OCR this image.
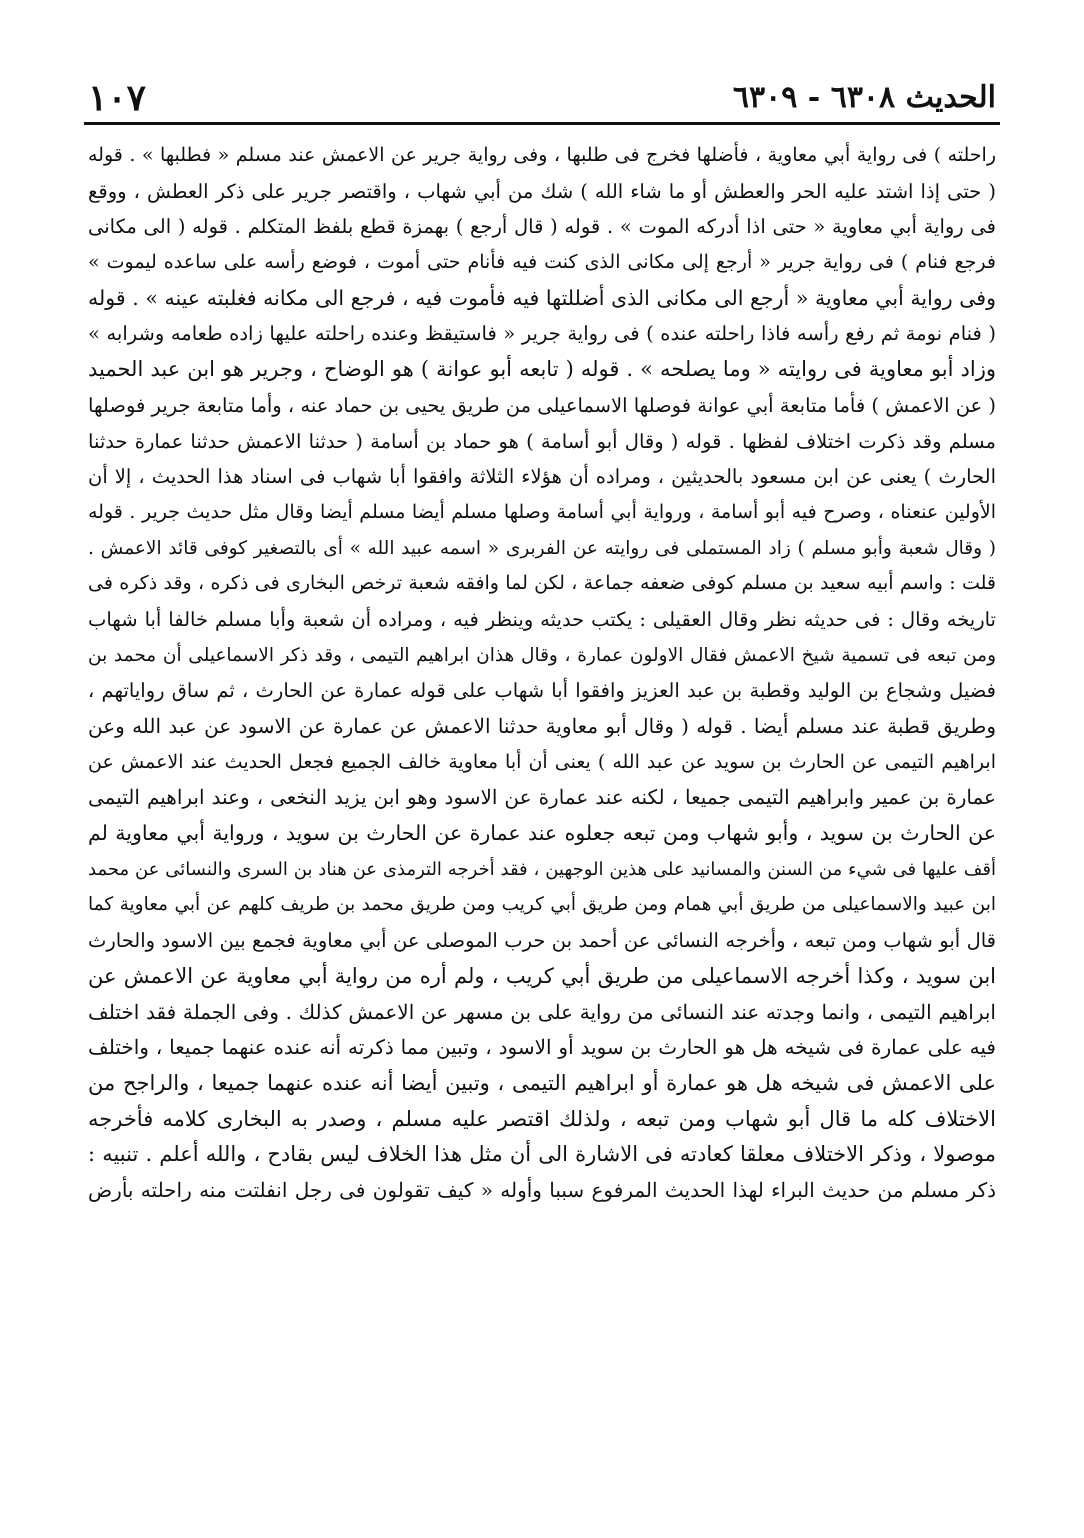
الحديث ٦٣٠٨ - ٦٣٠٩
١٠٧
راحلته ) فى رواية أبي معاوية ، فأضلها فخرج فى طلبها ، وفى رواية جرير عن الاعمش عند مسلم « فطلبها » . قوله
( حتى إذا اشتد عليه الحر والعطش أو ما شاء الله ) شك من أبي شهاب ، واقتصر جرير على ذكر العطش ، ووقع
فى رواية أبي معاوية « حتى اذا أدركه الموت » . قوله ( قال أرجع ) بهمزة قطع بلفظ المتكلم . قوله ( الى مكانى
فرجع فنام ) فى رواية جرير « أرجع إلى مكانى الذى كنت فيه فأنام حتى أموت ، فوضع رأسه على ساعده ليموت »
وفى رواية أبي معاوية « أرجع الى مكانى الذى أضللتها فيه فأموت فيه ، فرجع الى مكانه فغلبته عينه » . قوله
( فنام نومة ثم رفع رأسه فاذا راحلته عنده ) فى رواية جرير « فاستيقظ وعنده راحلته عليها زاده طعامه وشرابه »
وزاد أبو معاوية فى روايته « وما يصلحه » . قوله ( تابعه أبو عوانة ) هو الوضاح ، وجرير هو ابن عبد الحميد
( عن الاعمش ) فأما متابعة أبي عوانة فوصلها الاسماعيلى من طريق يحيى بن حماد عنه ، وأما متابعة جرير فوصلها
مسلم وقد ذكرت اختلاف لفظها . قوله ( وقال أبو أسامة ) هو حماد بن أسامة ( حدثنا الاعمش حدثنا عمارة حدثنا
الحارث ) يعنى عن ابن مسعود بالحديثين ، ومراده أن هؤلاء الثلاثة وافقوا أبا شهاب فى اسناد هذا الحديث ، إلا أن
الأولين عنعناه ، وصرح فيه أبو أسامة ، ورواية أبي أسامة وصلها مسلم أيضا مسلم أيضا وقال مثل حديث جرير . قوله
( وقال شعبة وأبو مسلم ) زاد المستملى فى روايته عن الفربرى « اسمه عبيد الله » أى بالتصغير كوفى قائد الاعمش .
قلت : واسم أبيه سعيد بن مسلم كوفى ضعفه جماعة ، لكن لما وافقه شعبة ترخص البخارى فى ذكره ، وقد ذكره فى
تاريخه وقال : فى حديثه نظر وقال العقيلى : يكتب حديثه وينظر فيه ، ومراده أن شعبة وأبا مسلم خالفا أبا شهاب
ومن تبعه فى تسمية شيخ الاعمش فقال الاولون عمارة ، وقال هذان ابراهيم التيمى ، وقد ذكر الاسماعيلى أن محمد بن
فضيل وشجاع بن الوليد وقطبة بن عبد العزيز وافقوا أبا شهاب على قوله عمارة عن الحارث ، ثم ساق رواياتهم ،
وطريق قطبة عند مسلم أيضا . قوله ( وقال أبو معاوية حدثنا الاعمش عن عمارة عن الاسود عن عبد الله وعن
ابراهيم التيمى عن الحارث بن سويد عن عبد الله ) يعنى أن أبا معاوية خالف الجميع فجعل الحديث عند الاعمش عن
عمارة بن عمير وابراهيم التيمى جميعا ، لكنه عند عمارة عن الاسود وهو ابن يزيد النخعى ، وعند ابراهيم التيمى
عن الحارث بن سويد ، وأبو شهاب ومن تبعه جعلوه عند عمارة عن الحارث بن سويد ، ورواية أبي معاوية لم
أقف عليها فى شيء من السنن والمسانيد على هذين الوجهين ، فقد أخرجه الترمذى عن هناد بن السرى والنسائى عن محمد
ابن عبيد والاسماعيلى من طريق أبي همام ومن طريق أبي كريب ومن طريق محمد بن طريف كلهم عن أبي معاوية كما
قال أبو شهاب ومن تبعه ، وأخرجه النسائى عن أحمد بن حرب الموصلى عن أبي معاوية فجمع بين الاسود والحارث
ابن سويد ، وكذا أخرجه الاسماعيلى من طريق أبي كريب ، ولم أره من رواية أبي معاوية عن الاعمش عن
ابراهيم التيمى ، وانما وجدته عند النسائى من رواية على بن مسهر عن الاعمش كذلك . وفى الجملة فقد اختلف
فيه على عمارة فى شيخه هل هو الحارث بن سويد أو الاسود ، وتبين مما ذكرته أنه عنده عنهما جميعا ، واختلف
على الاعمش فى شيخه هل هو عمارة أو ابراهيم التيمى ، وتبين أيضا أنه عنده عنهما جميعا ، والراجح من
الاختلاف كله ما قال أبو شهاب ومن تبعه ، ولذلك اقتصر عليه مسلم ، وصدر به البخارى كلامه فأخرجه
موصولا ، وذكر الاختلاف معلقا كعادته فى الاشارة الى أن مثل هذا الخلاف ليس بقادح ، والله أعلم . تنبيه :
ذكر مسلم من حديث البراء لهذا الحديث المرفوع سببا وأوله « كيف تقولون فى رجل انفلتت منه راحلته بأرض
